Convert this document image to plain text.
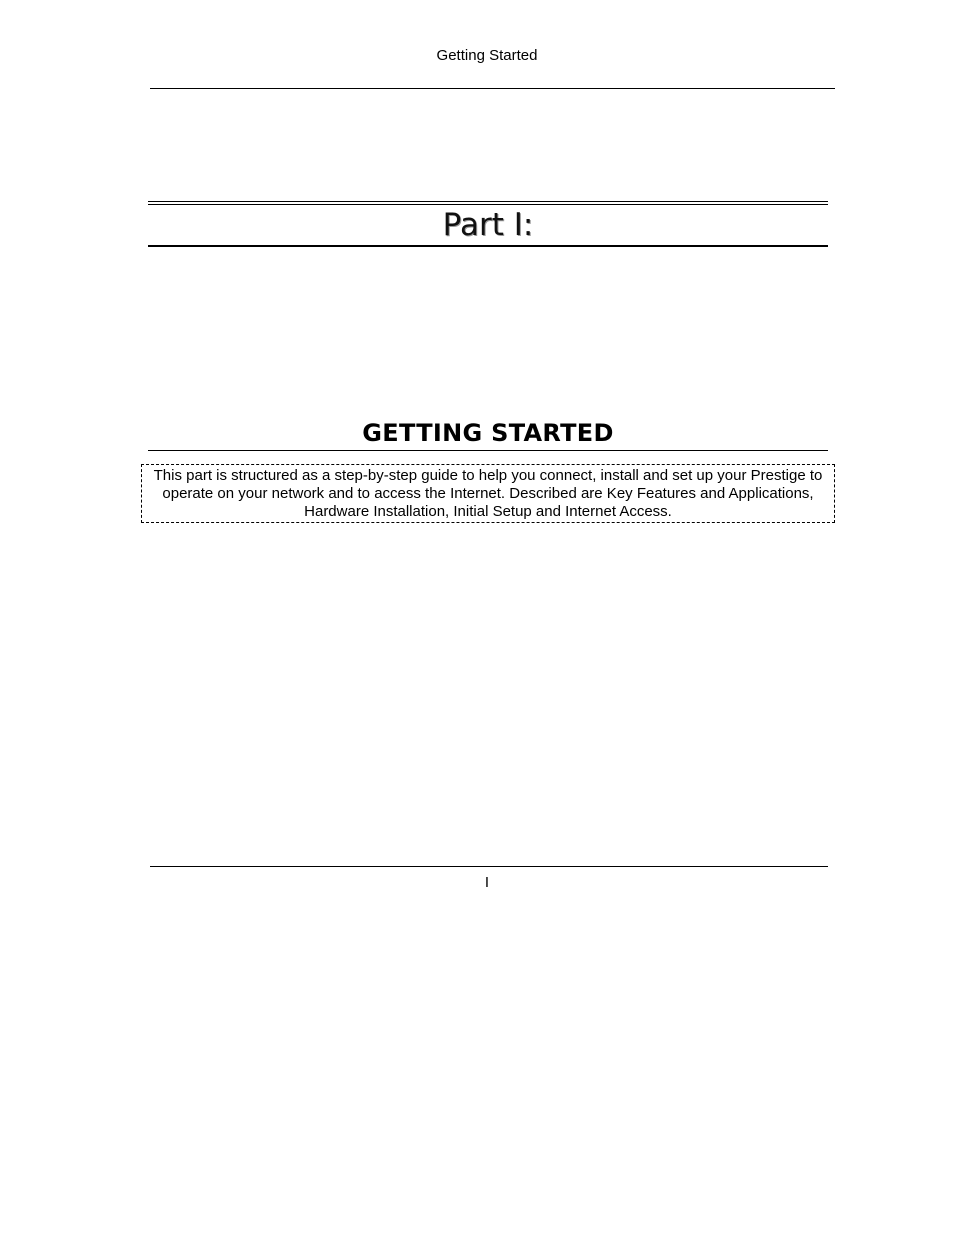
Getting Started
Part I:
GETTING STARTED
This part is structured as a step-by-step guide to help you connect, install and set up your Prestige to operate on your network and to access the Internet. Described are Key Features and Applications, Hardware Installation, Initial Setup and Internet Access.
I
